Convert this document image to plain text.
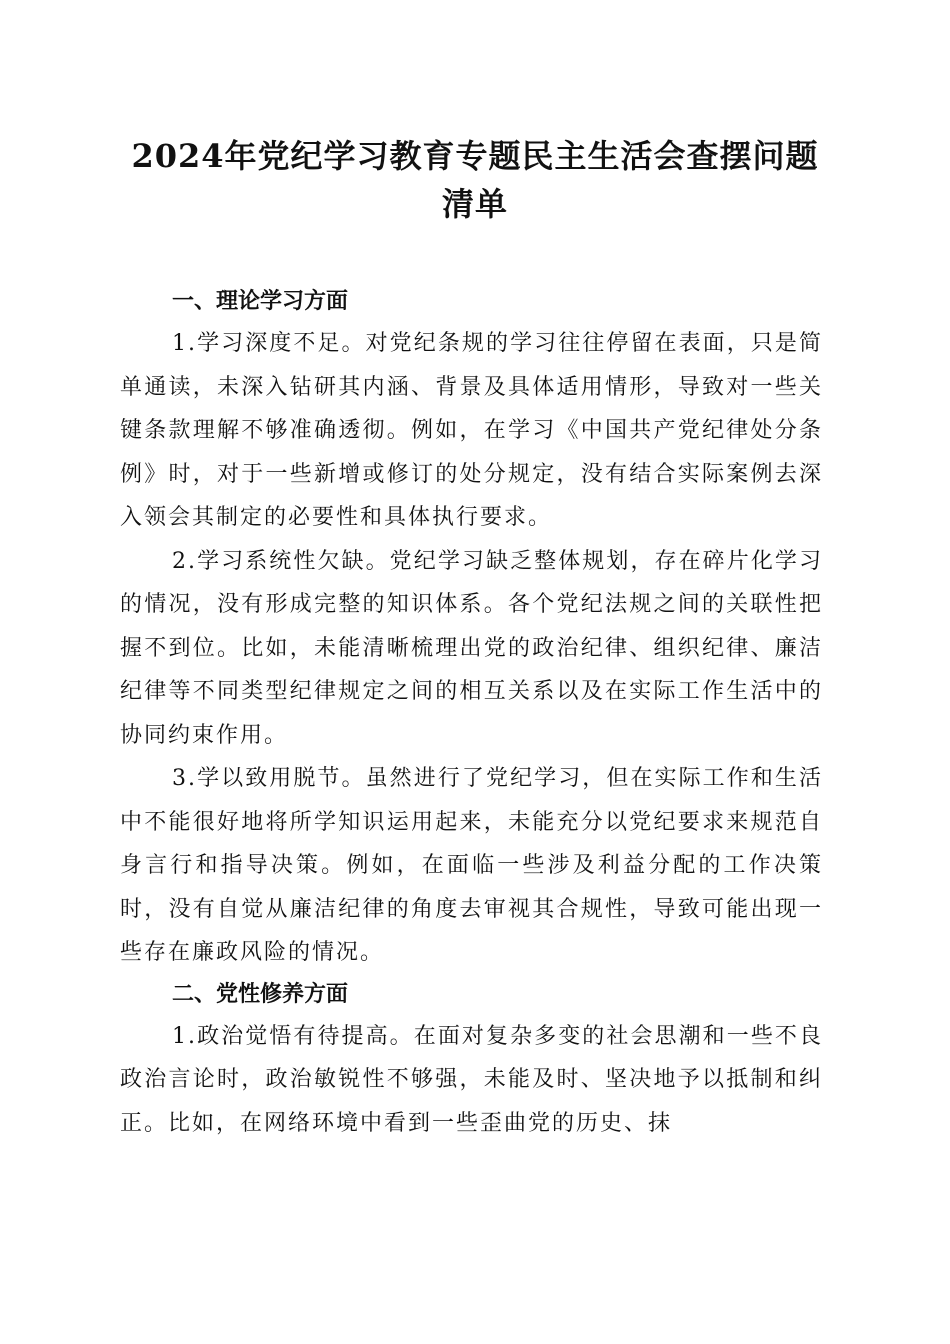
2024年党纪学习教育专题民主生活会查摆问题清单
一、理论学习方面

1.学习深度不足。对党纪条规的学习往往停留在表面，只是简单通读，未深入钻研其内涵、背景及具体适用情形，导致对一些关键条款理解不够准确透彻。例如，在学习《中国共产党纪律处分条例》时，对于一些新增或修订的处分规定，没有结合实际案例去深入领会其制定的必要性和具体执行要求。

2.学习系统性欠缺。党纪学习缺乏整体规划，存在碎片化学习的情况，没有形成完整的知识体系。各个党纪法规之间的关联性把握不到位。比如，未能清晰梳理出党的政治纪律、组织纪律、廉洁纪律等不同类型纪律规定之间的相互关系以及在实际工作生活中的协同约束作用。

3.学以致用脱节。虽然进行了党纪学习，但在实际工作和生活中不能很好地将所学知识运用起来，未能充分以党纪要求来规范自身言行和指导决策。例如，在面临一些涉及利益分配的工作决策时，没有自觉从廉洁纪律的角度去审视其合规性，导致可能出现一些存在廉政风险的情况。

二、党性修养方面

1.政治觉悟有待提高。在面对复杂多变的社会思潮和一些不良政治言论时，政治敏锐性不够强，未能及时、坚决地予以抵制和纠正。比如，在网络环境中看到一些歪曲党的历史、抹
